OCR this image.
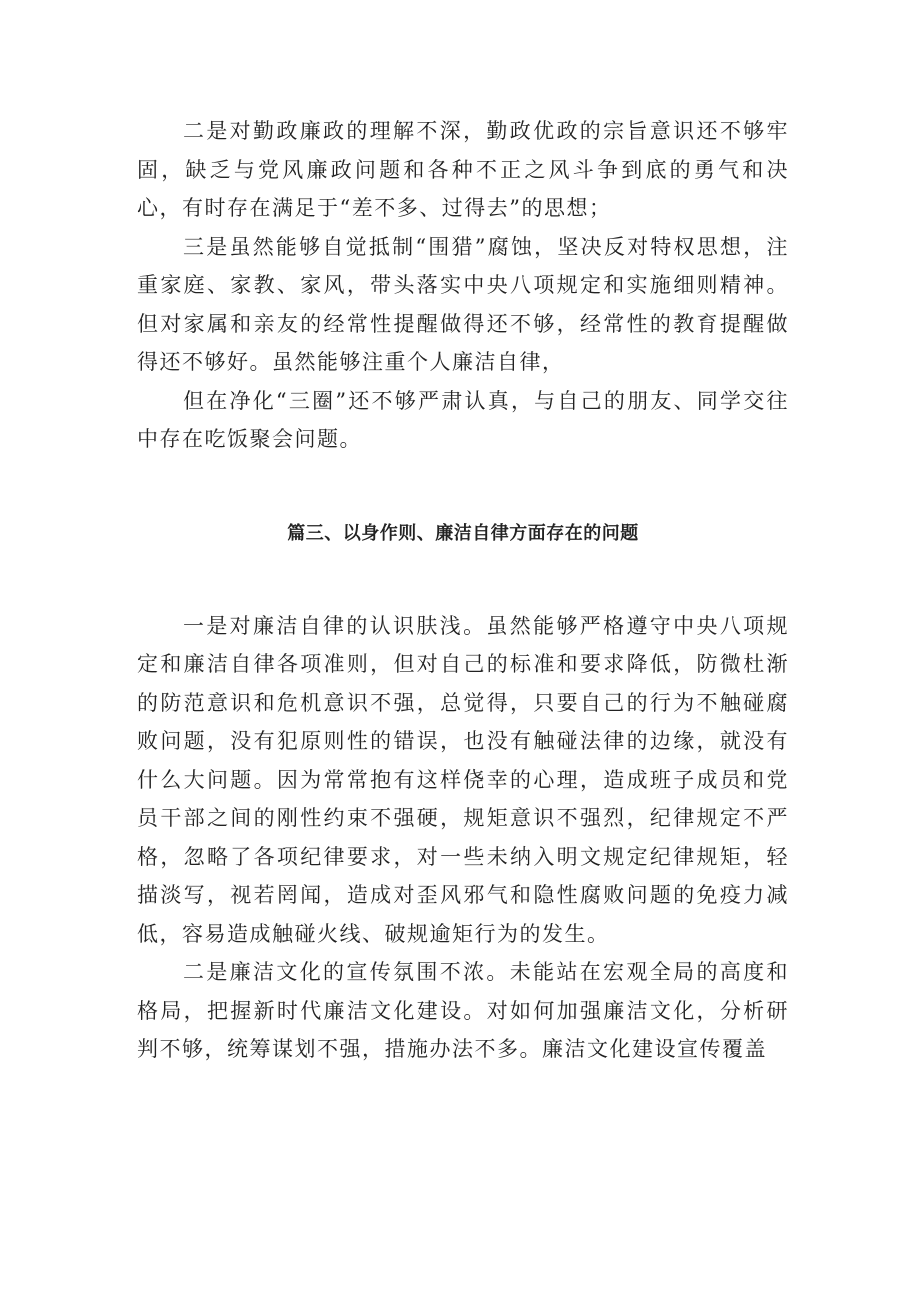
二是对勤政廉政的理解不深，勤政优政的宗旨意识还不够牢固，缺乏与党风廉政问题和各种不正之风斗争到底的勇气和决心，有时存在满足于“差不多、过得去”的思想；

三是虽然能够自觉抵制“围猎”腐蚀，坚决反对特权思想，注重家庭、家教、家风，带头落实中央八项规定和实施细则精神。但对家属和亲友的经常性提醒做得还不够，经常性的教育提醒做得还不够好。虽然能够注重个人廉洁自律，

但在净化“三圈”还不够严肃认真，与自己的朋友、同学交往中存在吃饭聚会问题。

篇三、以身作则、廉洁自律方面存在的问题

一是对廉洁自律的认识肤浅。虽然能够严格遵守中央八项规定和廉洁自律各项准则，但对自己的标准和要求降低，防微杜渐的防范意识和危机意识不强，总觉得，只要自己的行为不触碰腐败问题，没有犯原则性的错误，也没有触碰法律的边缘，就没有什么大问题。因为常常抱有这样侥幸的心理，造成班子成员和党员干部之间的刚性约束不强硬，规矩意识不强烈，纪律规定不严格，忽略了各项纪律要求，对一些未纳入明文规定纪律规矩，轻描淡写，视若罔闻，造成对歪风邪气和隐性腐败问题的免疫力减低，容易造成触碰火线、破规逾矩行为的发生。

二是廉洁文化的宣传氛围不浓。未能站在宏观全局的高度和格局，把握新时代廉洁文化建设。对如何加强廉洁文化，分析研判不够，统筹谋划不强，措施办法不多。廉洁文化建设宣传覆盖
